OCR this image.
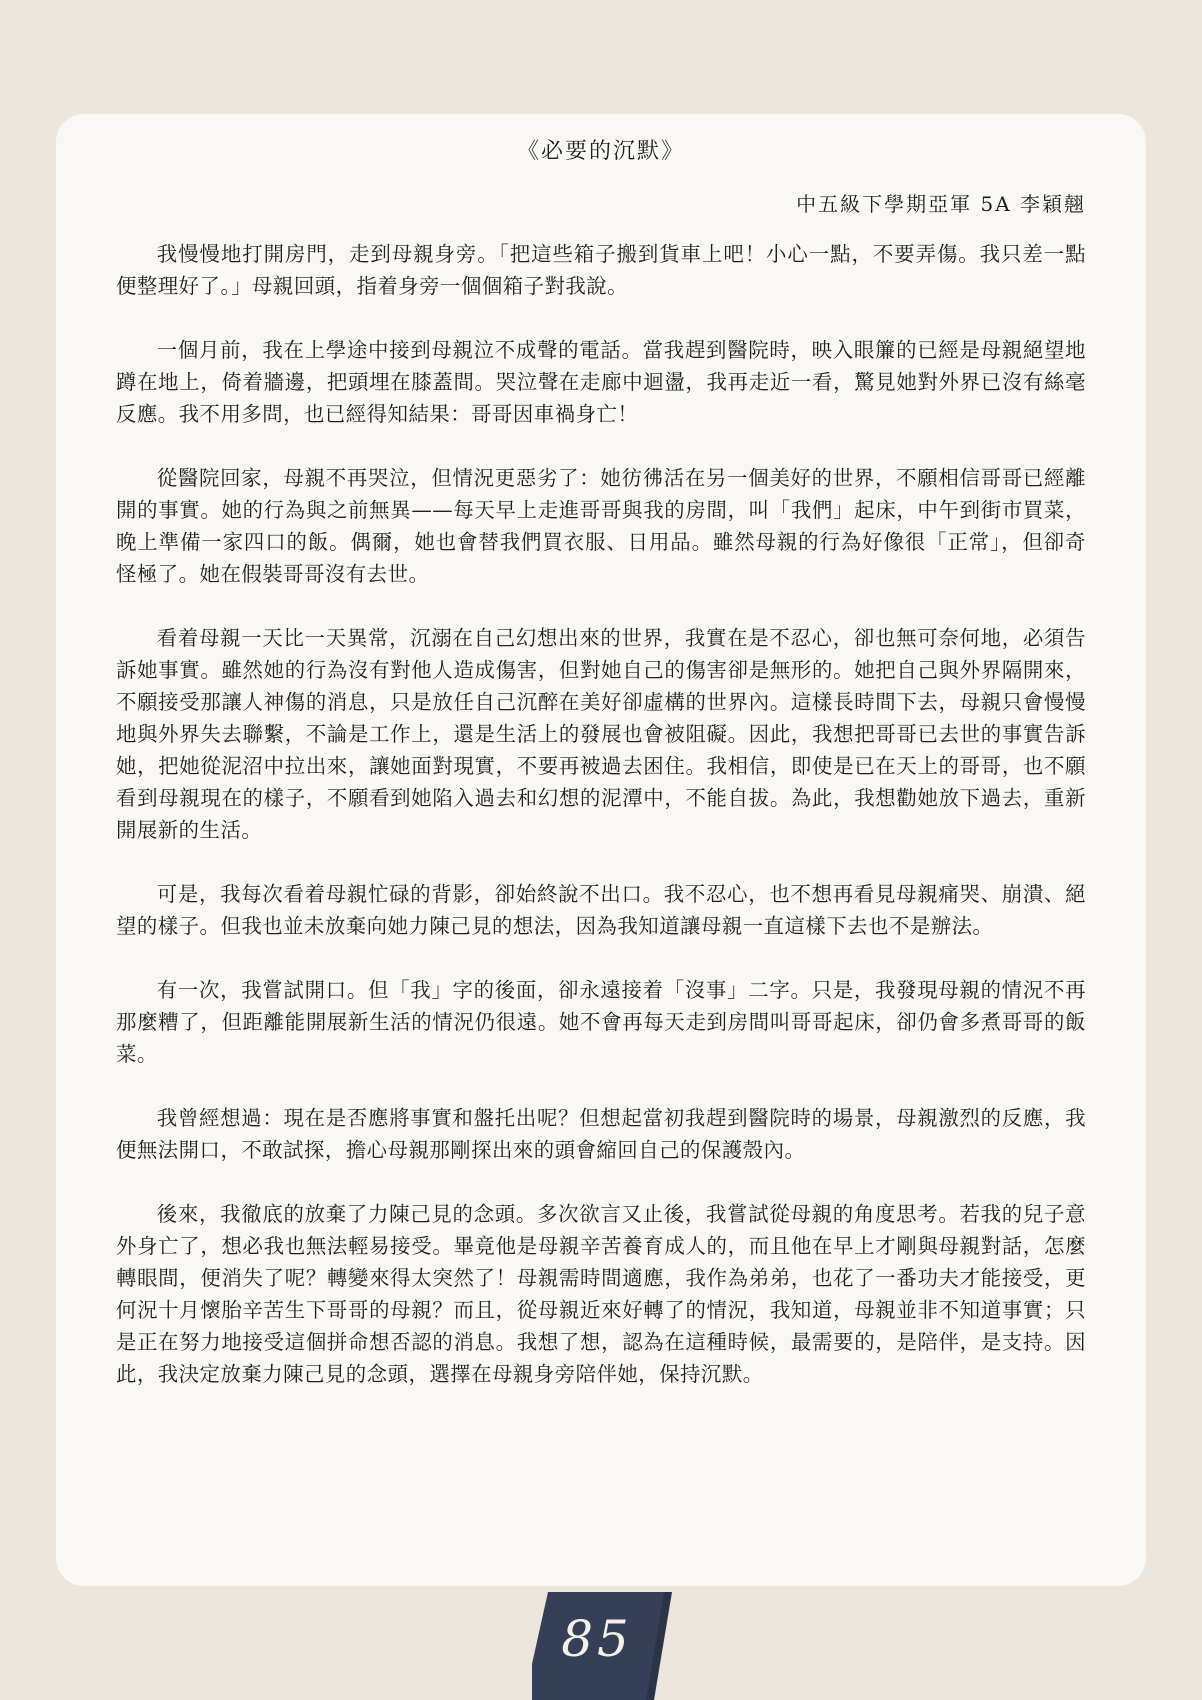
《必要的沉默》
中五級下學期亞軍 5A 李穎翹

我慢慢地打開房門，走到母親身旁。「把這些箱子搬到貨車上吧！小心一點，不要弄傷。我只差一點便整理好了。」母親回頭，指着身旁一個個箱子對我說。

一個月前，我在上學途中接到母親泣不成聲的電話。當我趕到醫院時，映入眼簾的已經是母親絕望地蹲在地上，倚着牆邊，把頭埋在膝蓋間。哭泣聲在走廊中迴盪，我再走近一看，驚見她對外界已沒有絲毫反應。我不用多問，也已經得知結果：哥哥因車禍身亡！

從醫院回家，母親不再哭泣，但情況更惡劣了：她彷彿活在另一個美好的世界，不願相信哥哥已經離開的事實。她的行為與之前無異——每天早上走進哥哥與我的房間，叫「我們」起床，中午到街市買菜，晚上準備一家四口的飯。偶爾，她也會替我們買衣服、日用品。雖然母親的行為好像很「正常」，但卻奇怪極了。她在假裝哥哥沒有去世。

看着母親一天比一天異常，沉溺在自己幻想出來的世界，我實在是不忍心，卻也無可奈何地，必須告訴她事實。雖然她的行為沒有對他人造成傷害，但對她自己的傷害卻是無形的。她把自己與外界隔開來，不願接受那讓人神傷的消息，只是放任自己沉醉在美好卻虛構的世界內。這樣長時間下去，母親只會慢慢地與外界失去聯繫，不論是工作上，還是生活上的發展也會被阻礙。因此，我想把哥哥已去世的事實告訴她，把她從泥沼中拉出來，讓她面對現實，不要再被過去困住。我相信，即使是已在天上的哥哥，也不願看到母親現在的樣子，不願看到她陷入過去和幻想的泥潭中，不能自拔。為此，我想勸她放下過去，重新開展新的生活。

可是，我每次看着母親忙碌的背影，卻始終說不出口。我不忍心，也不想再看見母親痛哭、崩潰、絕望的樣子。但我也並未放棄向她力陳己見的想法，因為我知道讓母親一直這樣下去也不是辦法。

有一次，我嘗試開口。但「我」字的後面，卻永遠接着「沒事」二字。只是，我發現母親的情況不再那麼糟了，但距離能開展新生活的情況仍很遠。她不會再每天走到房間叫哥哥起床，卻仍會多煮哥哥的飯菜。

我曾經想過：現在是否應將事實和盤托出呢？但想起當初我趕到醫院時的場景，母親激烈的反應，我便無法開口，不敢試探，擔心母親那剛探出來的頭會縮回自己的保護殼內。

後來，我徹底的放棄了力陳己見的念頭。多次欲言又止後，我嘗試從母親的角度思考。若我的兒子意外身亡了，想必我也無法輕易接受。畢竟他是母親辛苦養育成人的，而且他在早上才剛與母親對話，怎麼轉眼間，便消失了呢？轉變來得太突然了！母親需時間適應，我作為弟弟，也花了一番功夫才能接受，更何況十月懷胎辛苦生下哥哥的母親？而且，從母親近來好轉了的情況，我知道，母親並非不知道事實；只是正在努力地接受這個拼命想否認的消息。我想了想，認為在這種時候，最需要的，是陪伴，是支持。因此，我決定放棄力陳己見的念頭，選擇在母親身旁陪伴她，保持沉默。

85
